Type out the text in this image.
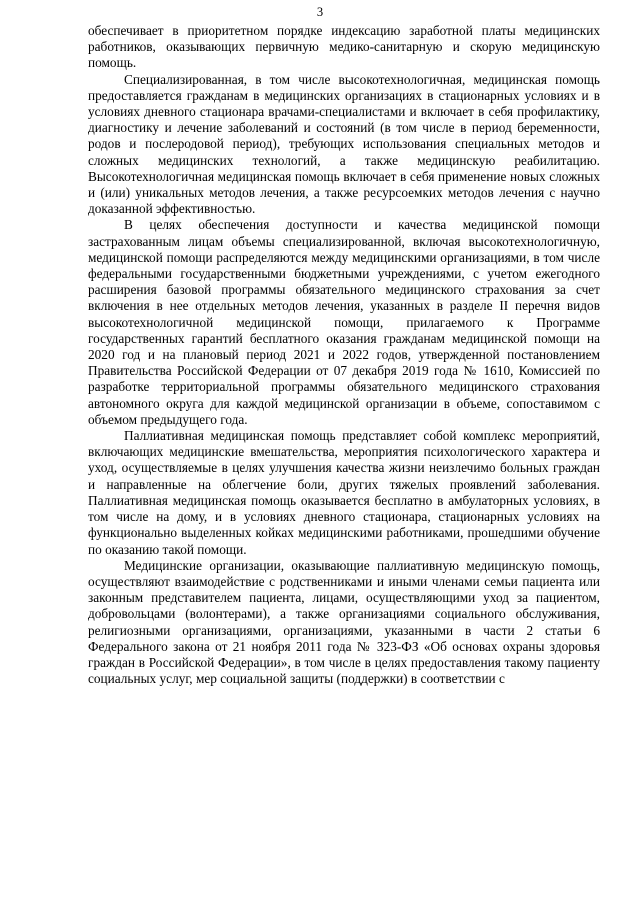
3

обеспечивает в приоритетном порядке индексацию заработной платы медицинских работников, оказывающих первичную медико-санитарную и скорую медицинскую помощь.

Специализированная, в том числе высокотехнологичная, медицинская помощь предоставляется гражданам в медицинских организациях в стационарных условиях и в условиях дневного стационара врачами-специалистами и включает в себя профилактику, диагностику и лечение заболеваний и состояний (в том числе в период беременности, родов и послеродовой период), требующих использования специальных методов и сложных медицинских технологий, а также медицинскую реабилитацию. Высокотехнологичная медицинская помощь включает в себя применение новых сложных и (или) уникальных методов лечения, а также ресурсоемких методов лечения с научно доказанной эффективностью.

В целях обеспечения доступности и качества медицинской помощи застрахованным лицам объемы специализированной, включая высокотехнологичную, медицинской помощи распределяются между медицинскими организациями, в том числе федеральными государственными бюджетными учреждениями, с учетом ежегодного расширения базовой программы обязательного медицинского страхования за счет включения в нее отдельных методов лечения, указанных в разделе II перечня видов высокотехнологичной медицинской помощи, прилагаемого к Программе государственных гарантий бесплатного оказания гражданам медицинской помощи на 2020 год и на плановый период 2021 и 2022 годов, утвержденной постановлением Правительства Российской Федерации от 07 декабря 2019 года № 1610, Комиссией по разработке территориальной программы обязательного медицинского страхования автономного округа для каждой медицинской организации в объеме, сопоставимом с объемом предыдущего года.

Паллиативная медицинская помощь представляет собой комплекс мероприятий, включающих медицинские вмешательства, мероприятия психологического характера и уход, осуществляемые в целях улучшения качества жизни неизлечимо больных граждан и направленные на облегчение боли, других тяжелых проявлений заболевания. Паллиативная медицинская помощь оказывается бесплатно в амбулаторных условиях, в том числе на дому, и в условиях дневного стационара, стационарных условиях на функционально выделенных койках медицинскими работниками, прошедшими обучение по оказанию такой помощи.

Медицинские организации, оказывающие паллиативную медицинскую помощь, осуществляют взаимодействие с родственниками и иными членами семьи пациента или законным представителем пациента, лицами, осуществляющими уход за пациентом, добровольцами (волонтерами), а также организациями социального обслуживания, религиозными организациями, организациями, указанными в части 2 статьи 6 Федерального закона от 21 ноября 2011 года № 323-ФЗ «Об основах охраны здоровья граждан в Российской Федерации», в том числе в целях предоставления такому пациенту социальных услуг, мер социальной защиты (поддержки) в соответствии с
